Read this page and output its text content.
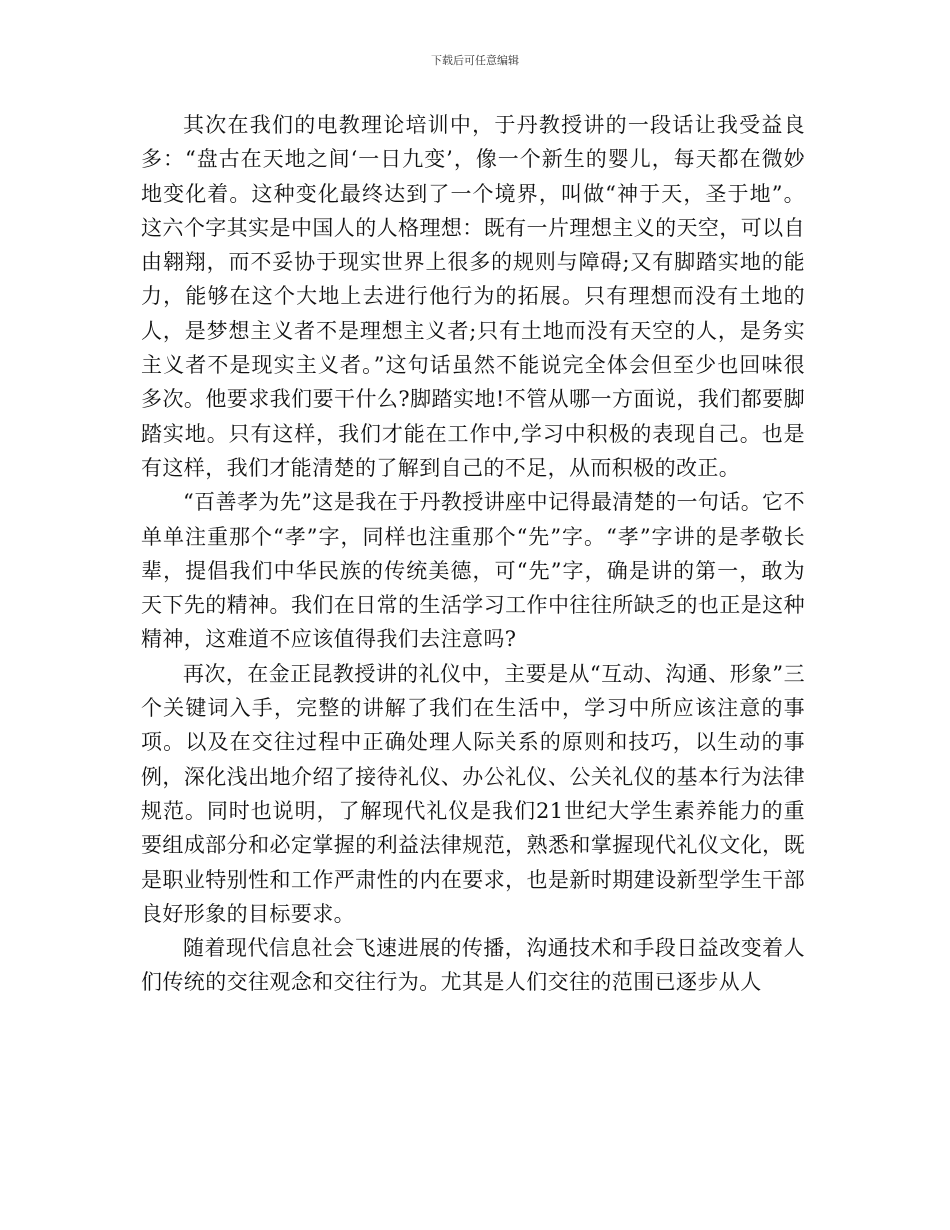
下载后可任意编辑

其次在我们的电教理论培训中，于丹教授讲的一段话让我受益良多：“盘古在天地之间‘一日九变’，像一个新生的婴儿，每天都在微妙地变化着。这种变化最终达到了一个境界，叫做“神于天，圣于地”。这六个字其实是中国人的人格理想：既有一片理想主义的天空，可以自由翱翔，而不妥协于现实世界上很多的规则与障碍;又有脚踏实地的能力，能够在这个大地上去进行他行为的拓展。只有理想而没有土地的人，是梦想主义者不是理想主义者;只有土地而没有天空的人，是务实主义者不是现实主义者。”这句话虽然不能说完全体会但至少也回味很多次。他要求我们要干什么?脚踏实地!不管从哪一方面说，我们都要脚踏实地。只有这样，我们才能在工作中,学习中积极的表现自己。也是有这样，我们才能清楚的了解到自己的不足，从而积极的改正。

“百善孝为先”这是我在于丹教授讲座中记得最清楚的一句话。它不单单注重那个“孝”字，同样也注重那个“先”字。“孝”字讲的是孝敬长辈，提倡我们中华民族的传统美德，可“先”字，确是讲的第一，敢为天下先的精神。我们在日常的生活学习工作中往往所缺乏的也正是这种精神，这难道不应该值得我们去注意吗?

再次，在金正昆教授讲的礼仪中，主要是从“互动、沟通、形象”三个关键词入手，完整的讲解了我们在生活中，学习中所应该注意的事项。以及在交往过程中正确处理人际关系的原则和技巧，以生动的事例，深化浅出地介绍了接待礼仪、办公礼仪、公关礼仪的基本行为法律规范。同时也说明，了解现代礼仪是我们21世纪大学生素养能力的重要组成部分和必定掌握的利益法律规范，熟悉和掌握现代礼仪文化，既是职业特别性和工作严肃性的内在要求，也是新时期建设新型学生干部良好形象的目标要求。

随着现代信息社会飞速进展的传播，沟通技术和手段日益改变着人们传统的交往观念和交往行为。尤其是人们交往的范围已逐步从人
